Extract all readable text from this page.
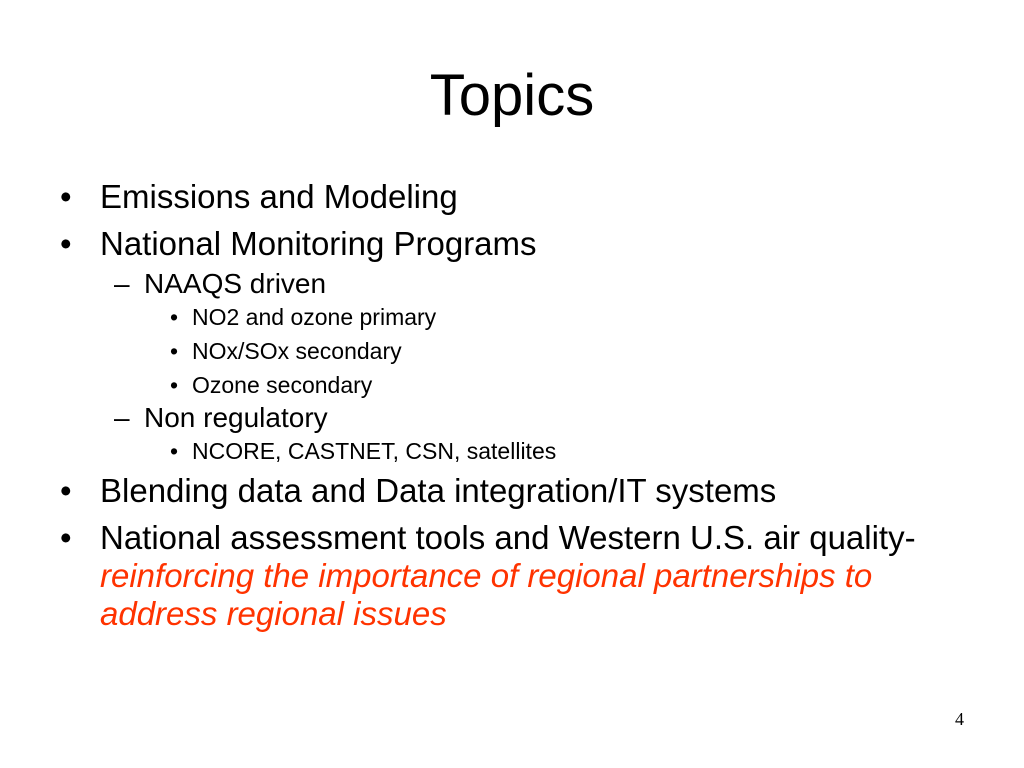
Topics
• Emissions and Modeling
• National Monitoring Programs
– NAAQS driven
• NO2 and ozone primary
• NOx/SOx secondary
• Ozone secondary
– Non regulatory
• NCORE, CASTNET, CSN, satellites
• Blending data and Data integration/IT systems
• National assessment tools and Western U.S. air quality- reinforcing the importance of regional partnerships to address regional issues
4
